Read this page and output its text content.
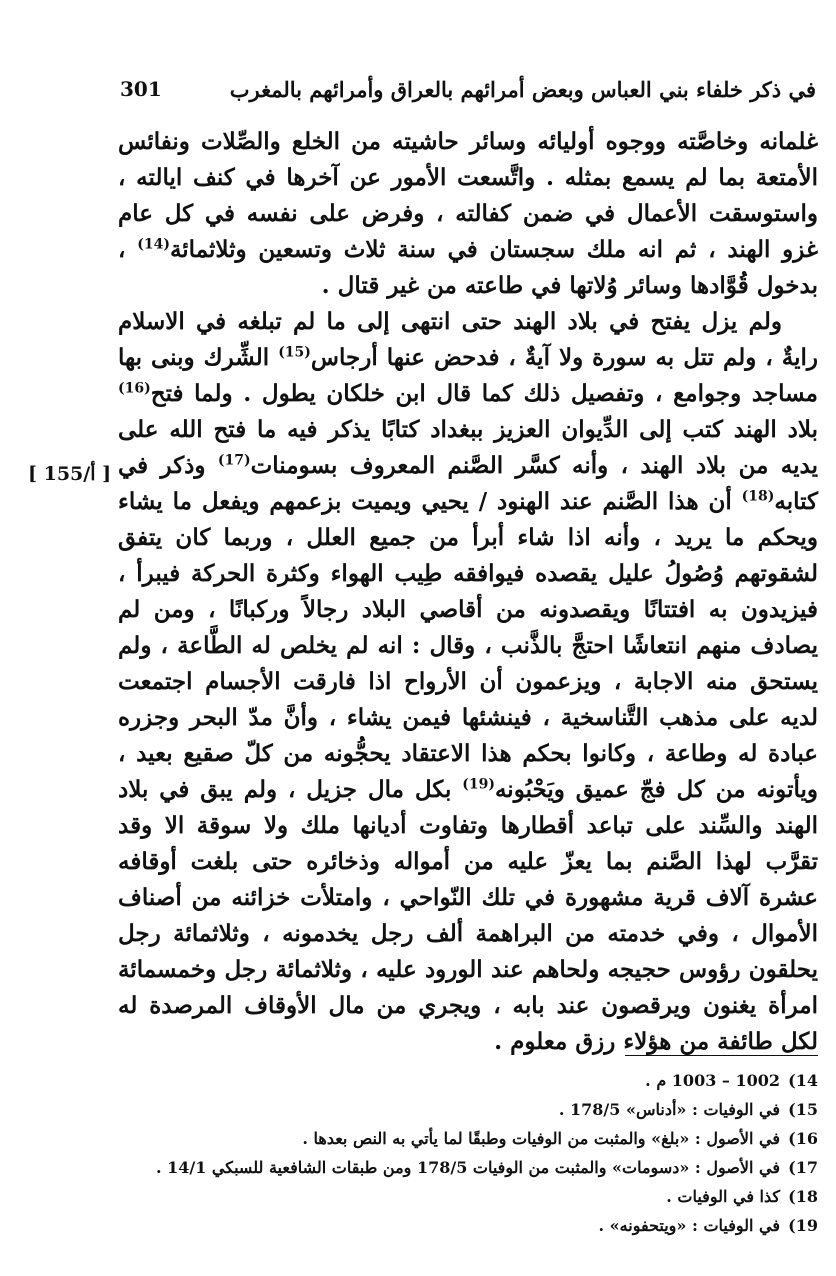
في ذكر خلفاء بني العباس وبعض أمرائهم بالعراق وأمرائهم بالمغرب
301

غلمانه وخاصَّته ووجوه أوليائه وسائر حاشيته من الخلع والصِّلات ونفائس الأمتعة بما لم يسمع بمثله . واتَّسعت الأمور عن آخرها في كنف ايالته ، واستوسقت الأعمال في ضمن كفالته ، وفرض على نفسه في كل عام غزو الهند ، ثم انه ملك سجستان في سنة ثلاث وتسعين وثلاثمائة$^{(14)}$ ، بدخول قُوَّادها وسائر وُلاتها في طاعته من غير قتال .

ولم يزل يفتح في بلاد الهند حتى انتهى إلى ما لم تبلغه في الاسلام رايةٌ ، ولم تتل به سورة ولا آيةٌ ، فدحض عنها أرجاس$^{(15)}$ الشِّرك وبنى بها مساجد وجوامع ، وتفصيل ذلك كما قال ابن خلكان يطول . ولما فتح$^{(16)}$ بلاد الهند كتب إلى الدِّيوان العزيز ببغداد كتابًا يذكر فيه ما فتح الله على يديه من بلاد الهند ، وأنه كسَّر الصَّنم المعروف بسومنات$^{(17)}$ وذكر في كتابه$^{(18)}$ أن هذا الصَّنم عند الهنود / يحيي ويميت بزعمهم ويفعل ما يشاء ويحكم ما يريد ، وأنه اذا شاء أبرأ من جميع العلل ، وربما كان يتفق لشقوتهم وُصُولُ عليل يقصده فيوافقه طِيب الهواء وكثرة الحركة فيبرأ ، فيزيدون به افتتانًا ويقصدونه من أقاصي البلاد رجالاً وركبانًا ، ومن لم يصادف منهم انتعاشًا احتجَّ بالذَّنب ، وقال : انه لم يخلص له الطَّاعة ، ولم يستحق منه الاجابة ، ويزعمون أن الأرواح اذا فارقت الأجسام اجتمعت لديه على مذهب التَّناسخية ، فينشئها فيمن يشاء ، وأنَّ مدّ البحر وجزره عبادة له وطاعة ، وكانوا بحكم هذا الاعتقاد يحجُّونه من كلّ صقيع بعيد ، ويأتونه من كل فجّ عميق ويَحْبُونه$^{(19)}$ بكل مال جزيل ، ولم يبق في بلاد الهند والسِّند على تباعد أقطارها وتفاوت أديانها ملك ولا سوقة الا وقد تقرَّب لهذا الصَّنم بما يعزّ عليه من أمواله وذخائره حتى بلغت أوقافه عشرة آلاف قرية مشهورة في تلك النّواحي ، وامتلأت خزائنه من أصناف الأموال ، وفي خدمته من البراهمة ألف رجل يخدمونه ، وثلاثمائة رجل يحلقون رؤوس حجيجه ولحاهم عند الورود عليه ، وثلاثمائة رجل وخمسمائة امرأة يغنون ويرقصون عند بابه ، ويجري من مال الأوقاف المرصدة له لكل طائفة من هؤلاء رزق معلوم .

[ 155/أ ]
(14
1002 – 1003 م .
(15
في الوفيات : «أدناس» 178/5 .
(16
في الأصول : «بلغ» والمثبت من الوفيات وطبقًا لما يأتي به النص بعدها .
(17
في الأصول : «دسومات» والمثبت من الوفيات 178/5 ومن طبقات الشافعية للسبكي 14/1 .
(18
كذا في الوفيات .
(19
في الوفيات : «ويتحفونه» .
